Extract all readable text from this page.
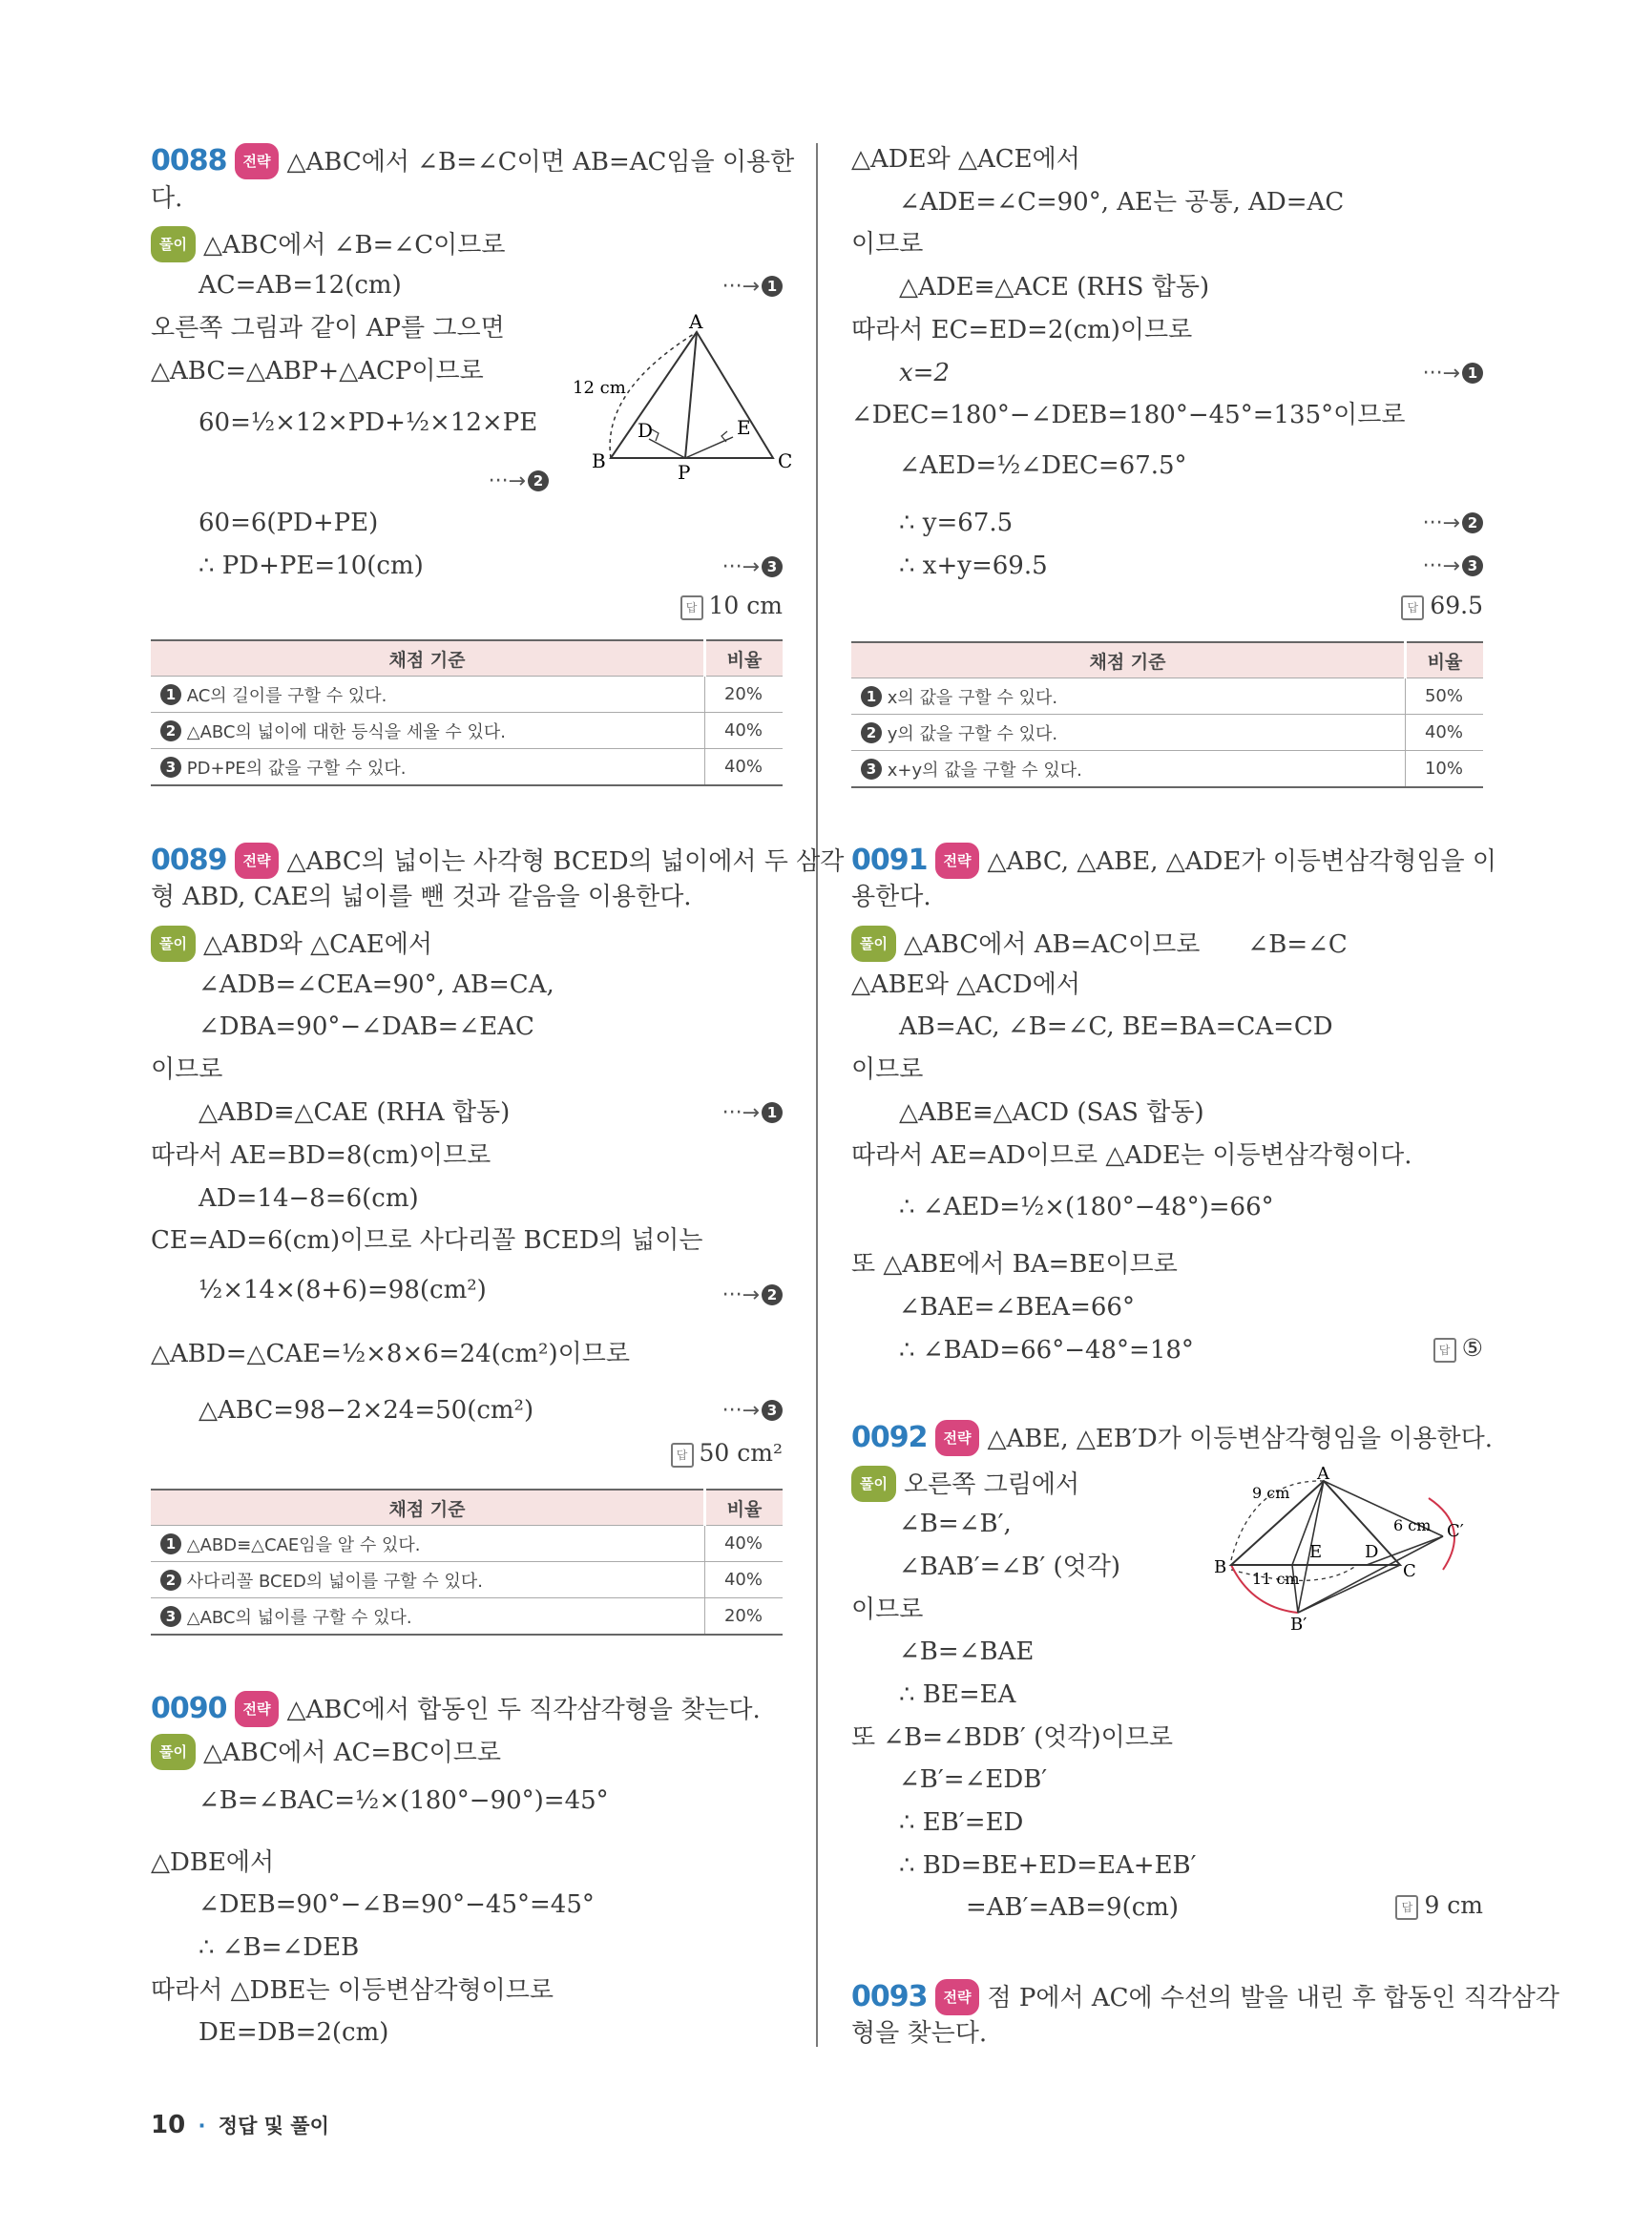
0088 전략 △ABC에서 ∠B=∠C이면 AB=AC임을 이용한
다.
풀이 △ABC에서 ∠B=∠C이므로
AC=AB=12(cm)	···→ 1
오른쪽 그림과 같이 AP를 그으면
△ABC=△ABP+△ACP이므로
60=½×12×PD+½×12×PE
···→ 2
60=6(PD+PE)
···→ 3
∴ PD+PE=10(cm)
답 10 cm
A
B	C
D	E
P
12 cm
채점 기준	비율
1 AC의 길이를 구할 수 있다.	20%
2 △ABC의 넓이에 대한 등식을 세울 수 있다.	40%
3 PD+PE의 값을 구할 수 있다.	40%
0089 전략 △ABC의 넓이는 사각형 BCED의 넓이에서 두 삼각
형 ABD, CAE의 넓이를 뺀 것과 같음을 이용한다.
풀이 △ABD와 △CAE에서
∠ADB=∠CEA=90°, AB=CA,
∠DBA=90°−∠DAB=∠EAC
이므로
△ABD≡△CAE (RHA 합동)	···→ 1
따라서 AE=BD=8(cm)이므로
AD=14−8=6(cm)
CE=AD=6(cm)이므로 사다리꼴 BCED의 넓이는
½×14×(8+6)=98(cm²)	···→ 2
△ABD=△CAE=½×8×6=24(cm²)이므로
△ABC=98−2×24=50(cm²)	···→ 3
답 50 cm²
채점 기준	비율
1 △ABD≡△CAE임을 알 수 있다.	40%
2 사다리꼴 BCED의 넓이를 구할 수 있다.	40%
3 △ABC의 넓이를 구할 수 있다.	20%
0090 전략 △ABC에서 합동인 두 직각삼각형을 찾는다.
풀이 △ABC에서 AC=BC이므로
∠B=∠BAC=½×(180°−90°)=45°
△DBE에서
∠DEB=90°−∠B=90°−45°=45°
∴ ∠B=∠DEB
따라서 △DBE는 이등변삼각형이므로
DE=DB=2(cm)
△ADE와 △ACE에서
∠ADE=∠C=90°, AE는 공통, AD=AC
이므로
△ADE≡△ACE (RHS 합동)
따라서 EC=ED=2(cm)이므로
x=2	···→ 1
∠DEC=180°−∠DEB=180°−45°=135°이므로
∠AED=½∠DEC=67.5°
∴ y=67.5	···→ 2
∴ x+y=69.5	···→ 3
답 69.5
채점 기준	비율
1 x의 값을 구할 수 있다.	50%
2 y의 값을 구할 수 있다.	40%
3 x+y의 값을 구할 수 있다.	10%
0091 전략 △ABC, △ABE, △ADE가 이등변삼각형임을 이
용한다.
풀이 △ABC에서 AB=AC이므로 ∠B=∠C
△ABE와 △ACD에서
AB=AC, ∠B=∠C, BE=BA=CA=CD
이므로
△ABE≡△ACD (SAS 합동)
따라서 AE=AD이므로 △ADE는 이등변삼각형이다.
∴ ∠AED=½×(180°−48°)=66°
또 △ABE에서 BA=BE이므로
∠BAE=∠BEA=66°
∴ ∠BAD=66°−48°=18°	답 ⑤
0092 전략 △ABE, △EB′D가 이등변삼각형임을 이용한다.
풀이 오른쪽 그림에서
∠B=∠B′,
∠BAB′=∠B′ (엇각)
이므로
∠B=∠BAE
∴ BE=EA
또 ∠B=∠BDB′ (엇각)이므로
∠B′=∠EDB′
∴ EB′=ED
∴ BD=BE+ED=EA+EB′
=AB′=AB=9(cm)	답 9 cm
A
B	C
C′
D
E
B′
9 cm
6 cm
11 cm
0093 전략 점 P에서 AC에 수선의 발을 내린 후 합동인 직각삼각
형을 찾는다.
10 · 정답 및 풀이
